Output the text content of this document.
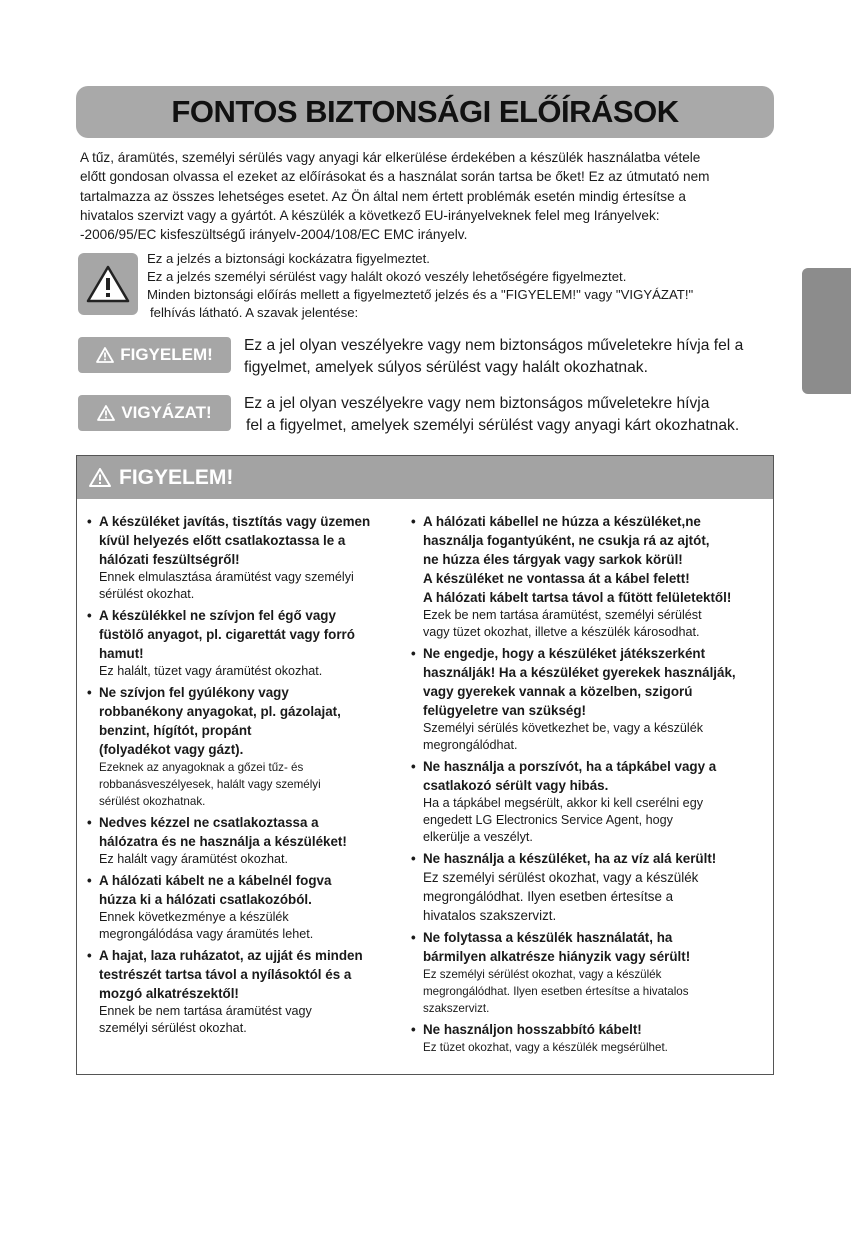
FONTOS BIZTONSÁGI ELŐÍRÁSOK
A tűz, áramütés, személyi sérülés vagy anyagi kár elkerülése érdekében a készülék használatba vétele
előtt gondosan olvassa el ezeket az előírásokat és a használat során tartsa be őket! Ez az útmutató nem
tartalmazza az összes lehetséges esetet. Az Ön által nem értett problémák esetén mindig értesítse a
hivatalos szervizt vagy a gyártót. A készülék a következő EU-irányelveknek felel meg Irányelvek:
-2006/95/EC kisfeszültségű irányelv-2004/108/EC EMC irányelv.
Ez a jelzés a biztonsági kockázatra figyelmeztet.
Ez a jelzés személyi sérülést vagy halált okozó veszély lehetőségére figyelmeztet.
Minden biztonsági előírás mellett a figyelmeztető jelzés és a "FIGYELEM!" vagy "VIGYÁZAT!"
felhívás látható. A szavak jelentése:
FIGYELEM! Ez a jel olyan veszélyekre vagy nem biztonságos műveletekre hívja fel a
figyelmet, amelyek súlyos sérülést vagy halált okozhatnak.
VIGYÁZAT! Ez a jel olyan veszélyekre vagy nem biztonságos műveletekre hívja
fel a figyelmet, amelyek személyi sérülést vagy anyagi kárt okozhatnak.
FIGYELEM!
• A készüléket javítás, tisztítás vagy üzemen
kívül helyezés előtt csatlakoztassa le a
hálózati feszültségről!
Ennek elmulasztása áramütést vagy személyi
sérülést okozhat.
• A készülékkel ne szívjon fel égő vagy
füstölő anyagot, pl. cigarettát vagy forró
hamut!
Ez halált, tüzet vagy áramütést okozhat.
• Ne szívjon fel gyúlékony vagy
robbanékony anyagokat, pl. gázolajat,
benzint, hígítót, propánt
(folyadékot vagy gázt).
Ezeknek az anyagoknak a gőzei tűz- és
robbanásveszélyesek, halált vagy személyi
sérülést okozhatnak.
• Nedves kézzel ne csatlakoztassa a
hálózatra és ne használja a készüléket!
Ez halált vagy áramütést okozhat.
• A hálózati kábelt ne a kábelnél fogva
húzza ki a hálózati csatlakozóból.
Ennek következménye a készülék
megrongálódása vagy áramütés lehet.
• A hajat, laza ruházatot, az ujját és minden
testrészét tartsa távol a nyílásoktól és a
mozgó alkatrészektől!
Ennek be nem tartása áramütést vagy
személyi sérülést okozhat.
• A hálózati kábellel ne húzza a készüléket,ne
használja fogantyúként, ne csukja rá az ajtót,
ne húzza éles tárgyak vagy sarkok körül!
A készüléket ne vontassa át a kábel felett!
A hálózati kábelt tartsa távol a fűtött felületektől!
Ezek be nem tartása áramütést, személyi sérülést
vagy tüzet okozhat, illetve a készülék károsodhat.
• Ne engedje, hogy a készüléket játékszerként
használják! Ha a készüléket gyerekek használják,
vagy gyerekek vannak a közelben, szigorú
felügyeletre van szükség!
Személyi sérülés következhet be, vagy a készülék
megrongálódhat.
• Ne használja a porszívót, ha a tápkábel vagy a
csatlakozó sérült vagy hibás.
Ha a tápkábel megsérült, akkor ki kell cserélni egy
engedett LG Electronics Service Agent, hogy
elkerülje a veszélyt.
• Ne használja a készüléket, ha az víz alá került!
Ez személyi sérülést okozhat, vagy a készülék
megrongálódhat. Ilyen esetben értesítse a
hivatalos szakszervizt.
• Ne folytassa a készülék használatát, ha
bármilyen alkatrésze hiányzik vagy sérült!
Ez személyi sérülést okozhat, vagy a készülék
megrongálódhat. Ilyen esetben értesítse a hivatalos
szakszervizt.
• Ne használjon hosszabbító kábelt!
Ez tüzet okozhat, vagy a készülék megsérülhet.
